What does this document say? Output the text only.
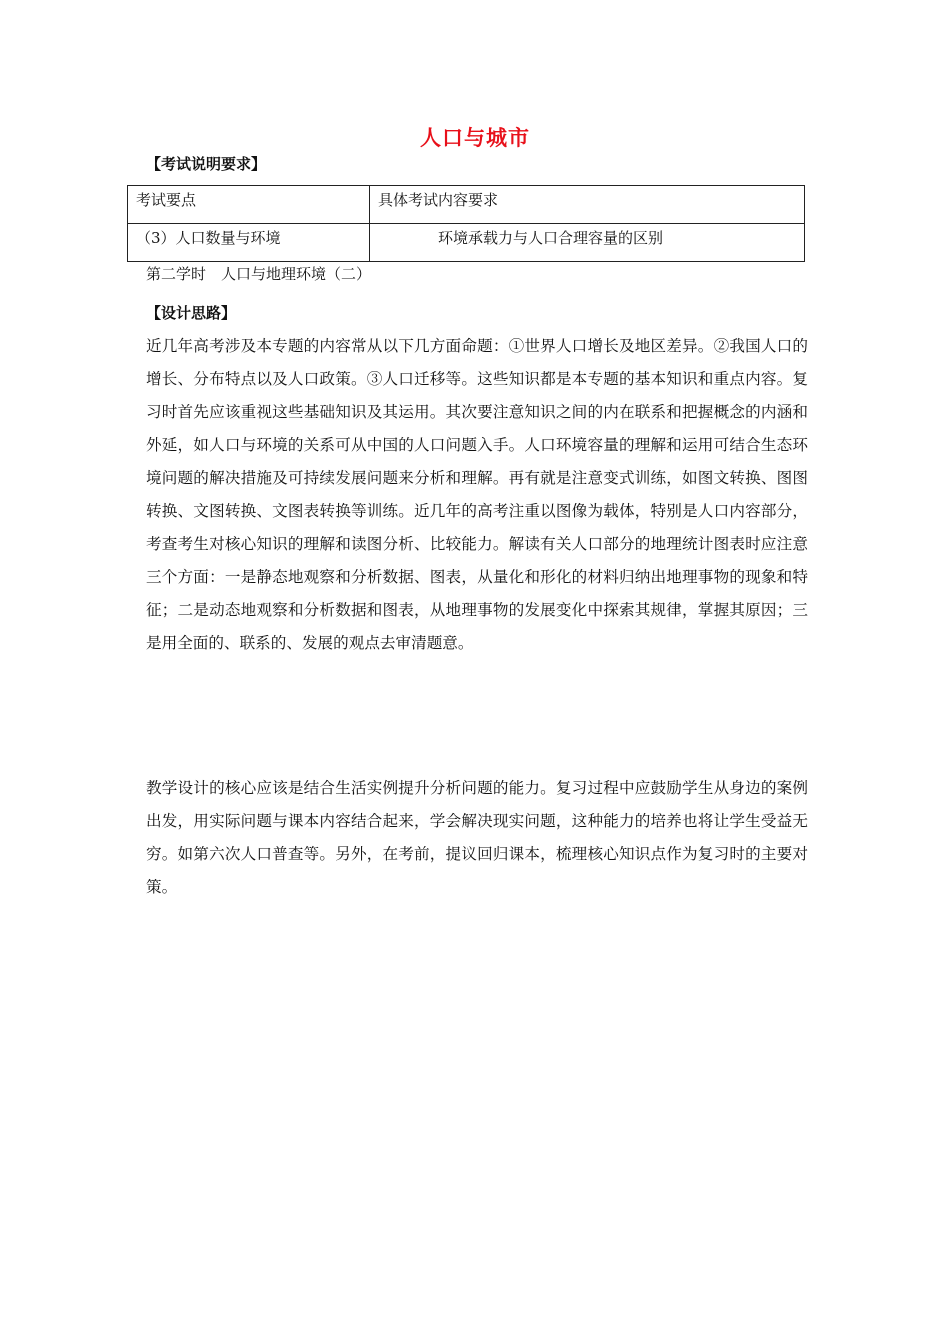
人口与城市
【考试说明要求】
考试要点	具体考试内容要求
（3）人口数量与环境	环境承载力与人口合理容量的区别
第二学时　人口与地理环境（二）
【设计思路】
近几年高考涉及本专题的内容常从以下几方面命题：①世界人口增长及地区差异。②我国人口的增长、分布特点以及人口政策。③人口迁移等。这些知识都是本专题的基本知识和重点内容。复习时首先应该重视这些基础知识及其运用。其次要注意知识之间的内在联系和把握概念的内涵和外延，如人口与环境的关系可从中国的人口问题入手。人口环境容量的理解和运用可结合生态环境问题的解决措施及可持续发展问题来分析和理解。再有就是注意变式训练，如图文转换、图图转换、文图转换、文图表转换等训练。近几年的高考注重以图像为载体，特别是人口内容部分，考查考生对核心知识的理解和读图分析、比较能力。解读有关人口部分的地理统计图表时应注意三个方面：一是静态地观察和分析数据、图表，从量化和形化的材料归纳出地理事物的现象和特征；二是动态地观察和分析数据和图表，从地理事物的发展变化中探索其规律，掌握其原因；三是用全面的、联系的、发展的观点去审清题意。
教学设计的核心应该是结合生活实例提升分析问题的能力。复习过程中应鼓励学生从身边的案例出发，用实际问题与课本内容结合起来，学会解决现实问题，这种能力的培养也将让学生受益无穷。如第六次人口普查等。另外，在考前，提议回归课本，梳理核心知识点作为复习时的主要对策。
